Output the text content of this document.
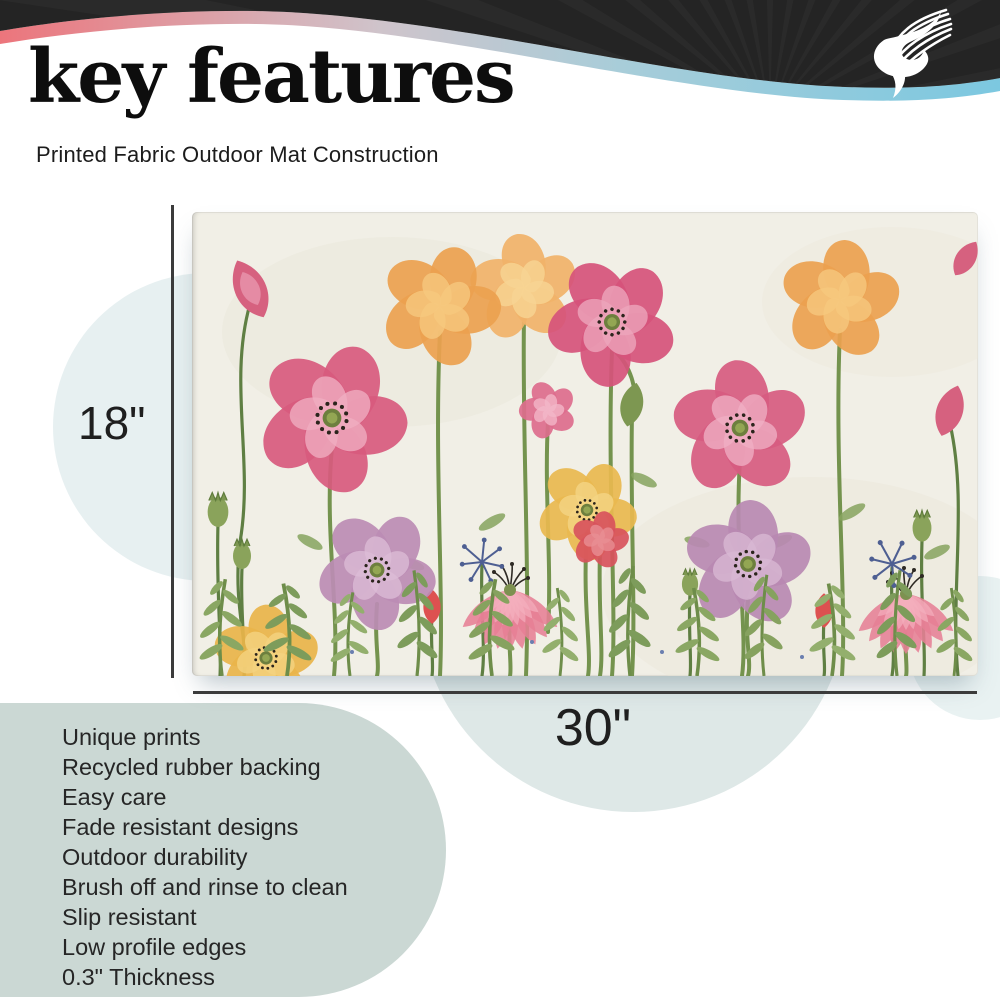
18"
30"
key features
Printed Fabric Outdoor Mat Construction
Unique prints
Recycled rubber backing
Easy care
Fade resistant designs
Outdoor durability
Brush off and rinse to clean
Slip resistant
Low profile edges
0.3" Thickness
